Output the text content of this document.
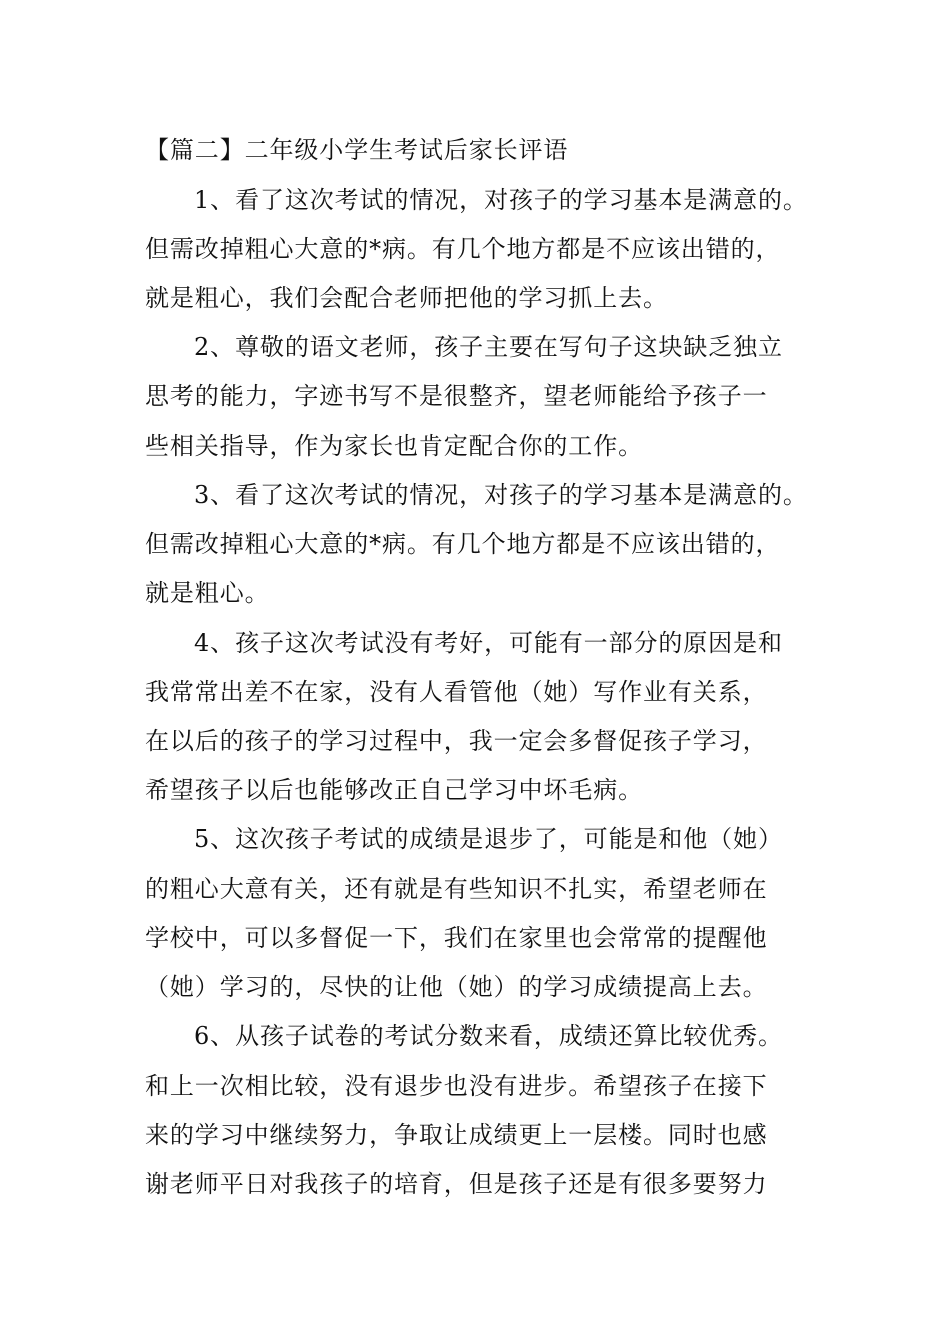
【篇二】二年级小学生考试后家长评语
1、看了这次考试的情况，对孩子的学习基本是满意的。
但需改掉粗心大意的*病。有几个地方都是不应该出错的，
就是粗心，我们会配合老师把他的学习抓上去。
2、尊敬的语文老师，孩子主要在写句子这块缺乏独立
思考的能力，字迹书写不是很整齐，望老师能给予孩子一
些相关指导，作为家长也肯定配合你的工作。
3、看了这次考试的情况，对孩子的学习基本是满意的。
但需改掉粗心大意的*病。有几个地方都是不应该出错的，
就是粗心。
4、孩子这次考试没有考好，可能有一部分的原因是和
我常常出差不在家，没有人看管他（她）写作业有关系，
在以后的孩子的学习过程中，我一定会多督促孩子学习，
希望孩子以后也能够改正自己学习中坏毛病。
5、这次孩子考试的成绩是退步了，可能是和他（她）
的粗心大意有关，还有就是有些知识不扎实，希望老师在
学校中，可以多督促一下，我们在家里也会常常的提醒他
（她）学习的，尽快的让他（她）的学习成绩提高上去。
6、从孩子试卷的考试分数来看，成绩还算比较优秀。
和上一次相比较，没有退步也没有进步。希望孩子在接下
来的学习中继续努力，争取让成绩更上一层楼。同时也感
谢老师平日对我孩子的培育，但是孩子还是有很多要努力
